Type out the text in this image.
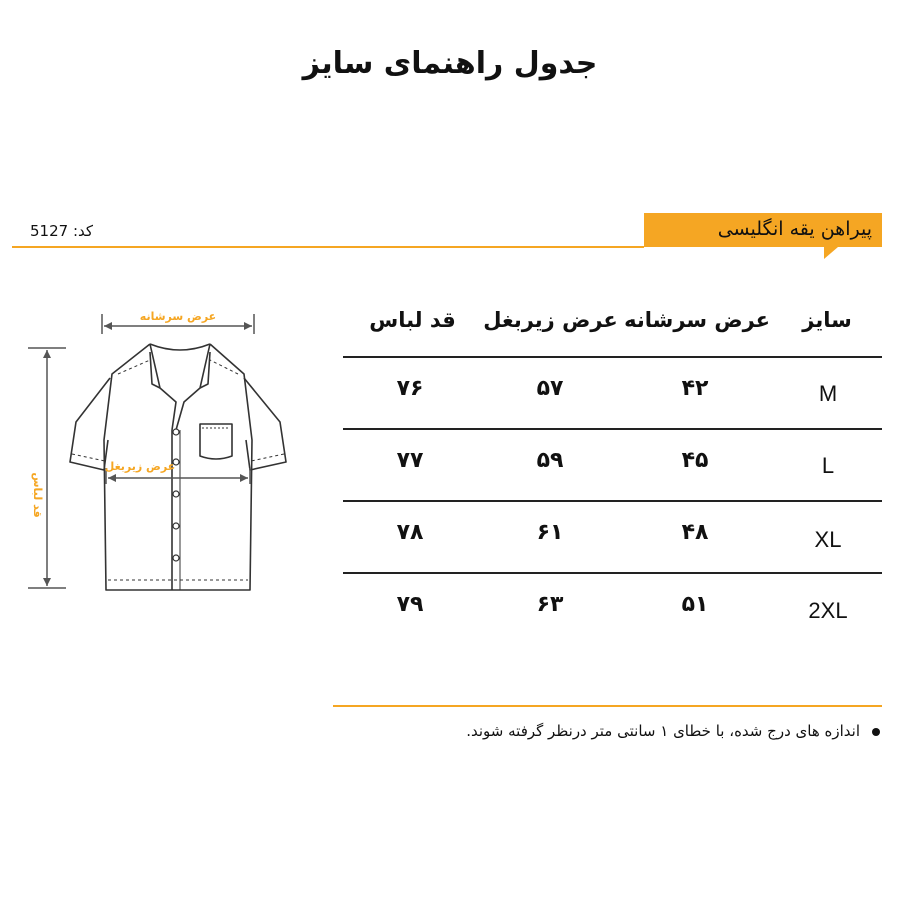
جدول راهنمای سایز
کد: 5127	پیراهن یقه انگلیسی
عرض سرشانه
قد لباس
عرض زیربغل
سایز
عرض سرشانه
عرض زیربغل
قد لباس
M
۴۲
۵۷
۷۶
L
۴۵
۵۹
۷۷
XL
۴۸
۶۱
۷۸
2XL
۵۱
۶۳
۷۹
اندازه های درج شده، با خطای ۱ سانتی متر درنظر گرفته شوند.
